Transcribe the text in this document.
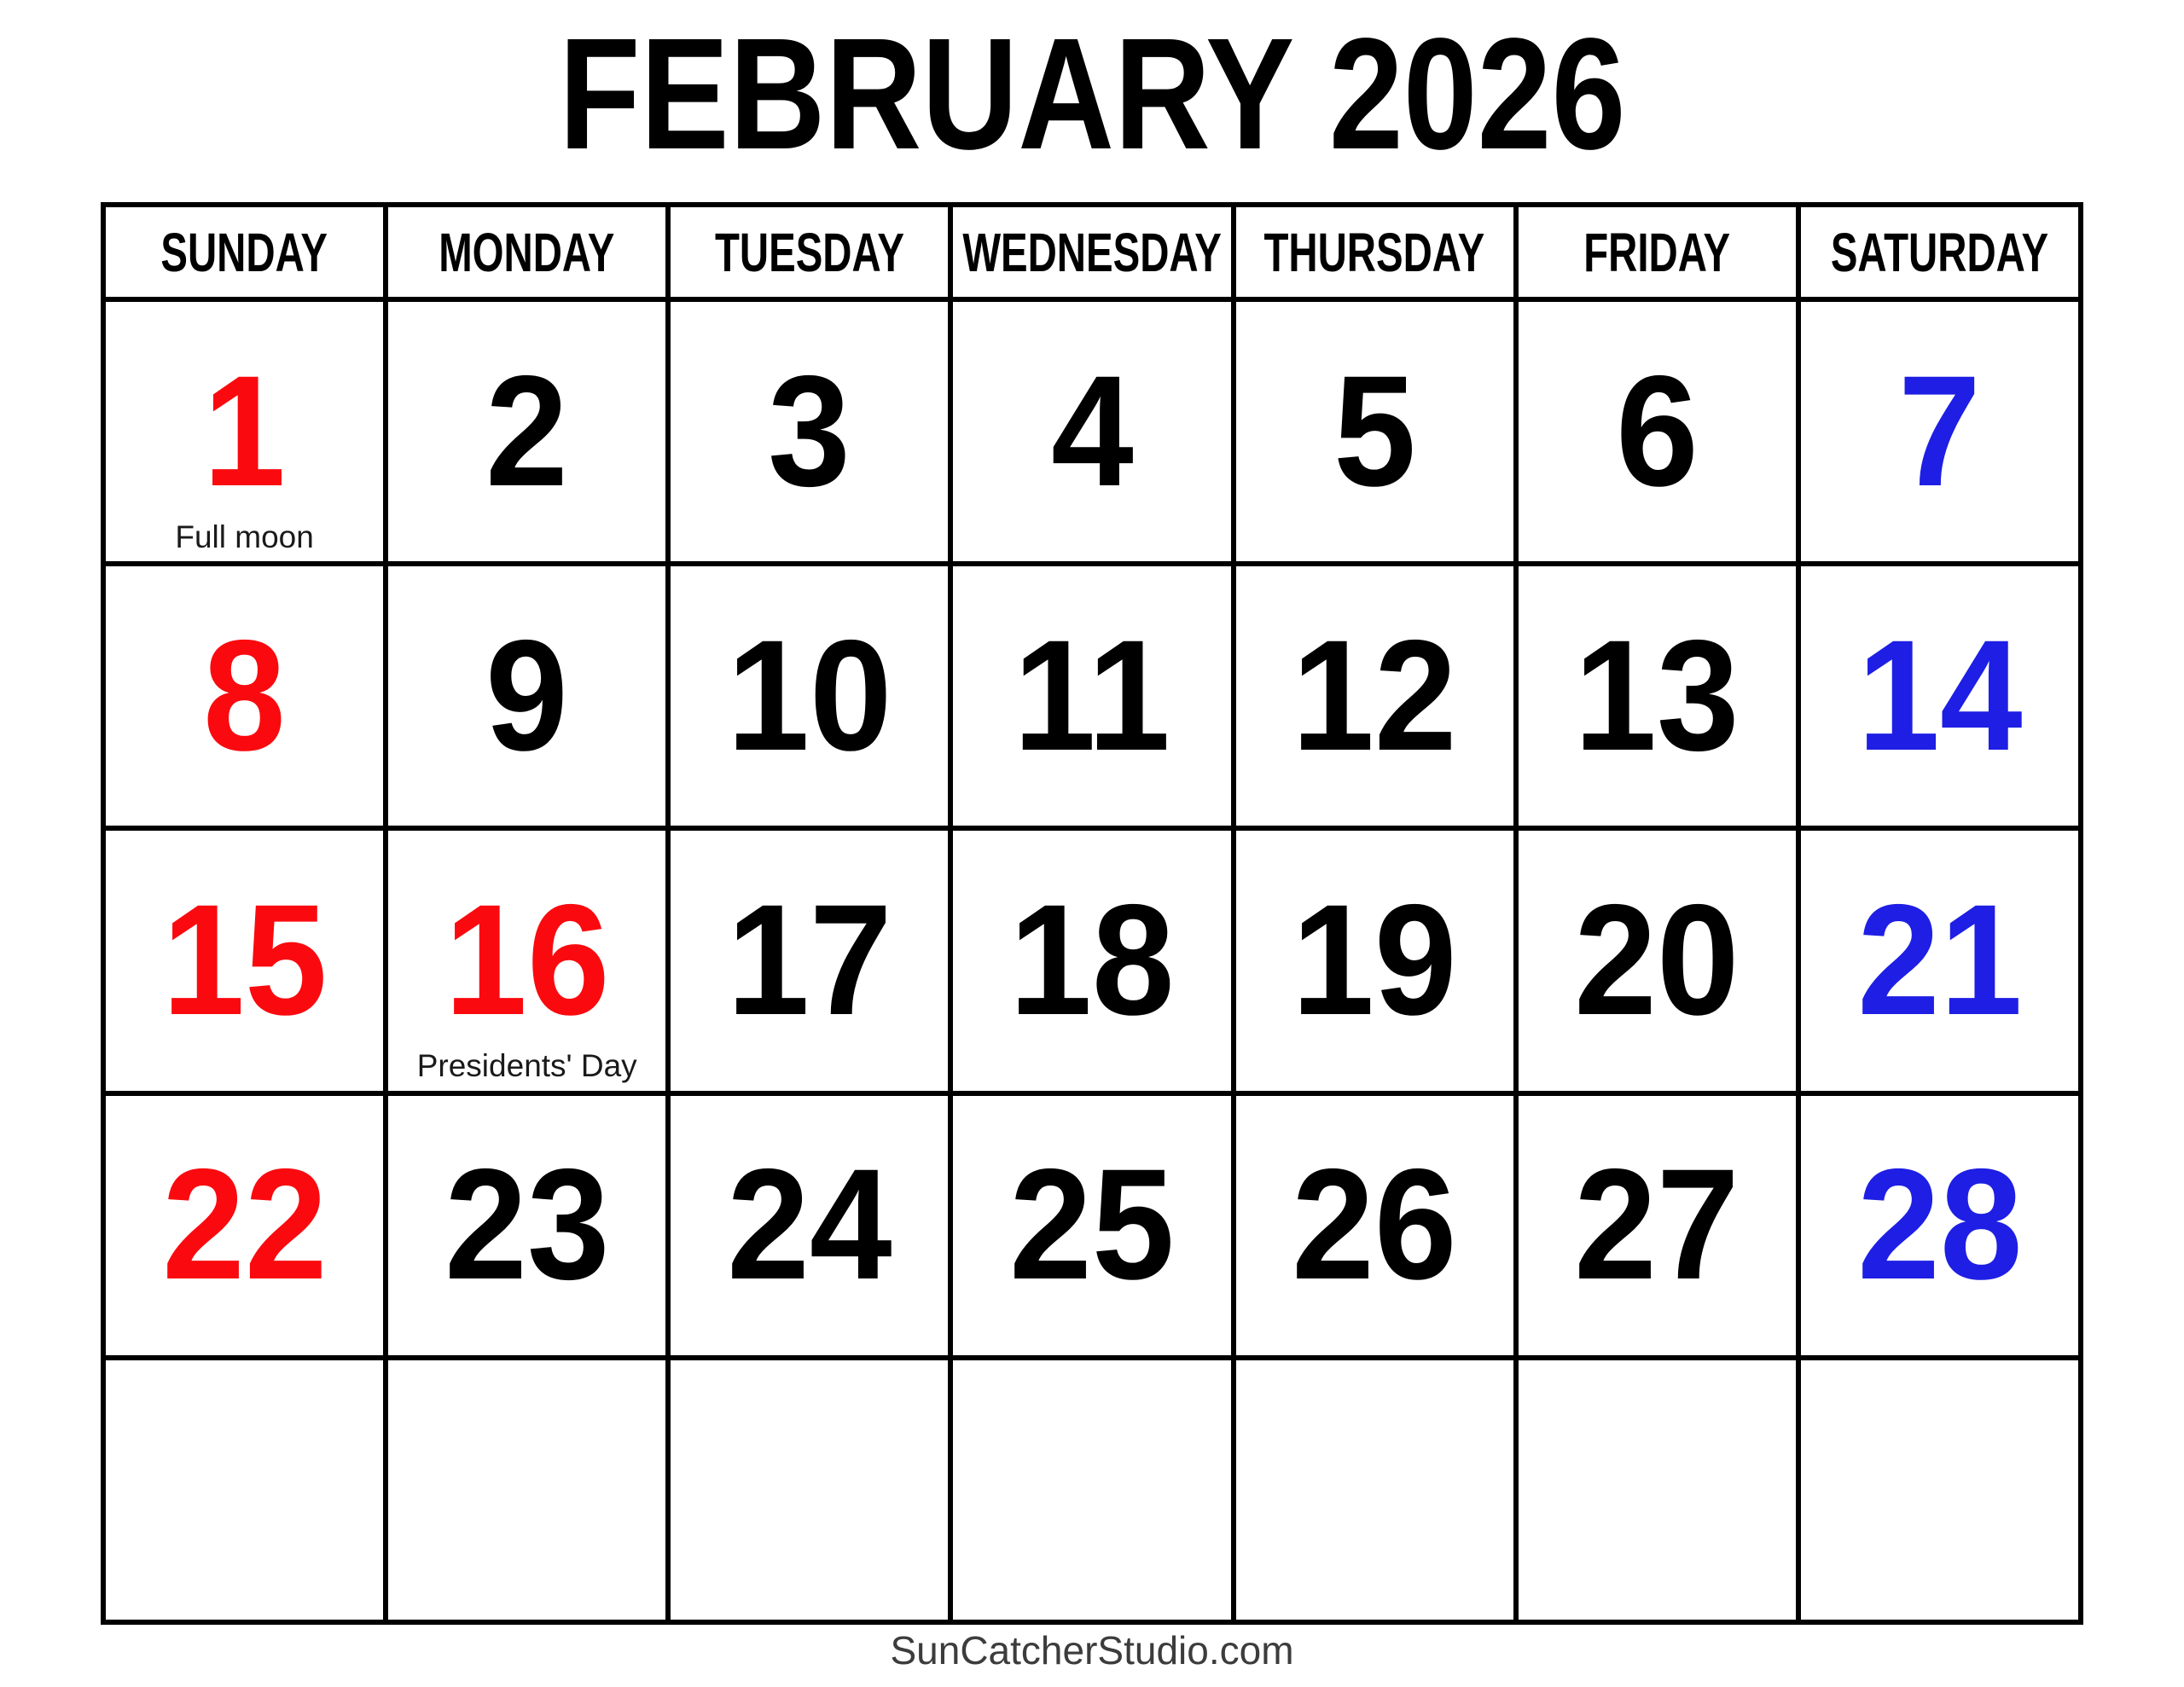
FEBRUARY 2026
SUNDAY MONDAY TUESDAY WEDNESDAY THURSDAY FRIDAY SATURDAY
1
Full moon
2 3 4 5 6 7
8 9 10 11 12 13 14
15 16
Presidents' Day
17 18 19 20 21
22 23 24 25 26 27 28
SunCatcherStudio.com
